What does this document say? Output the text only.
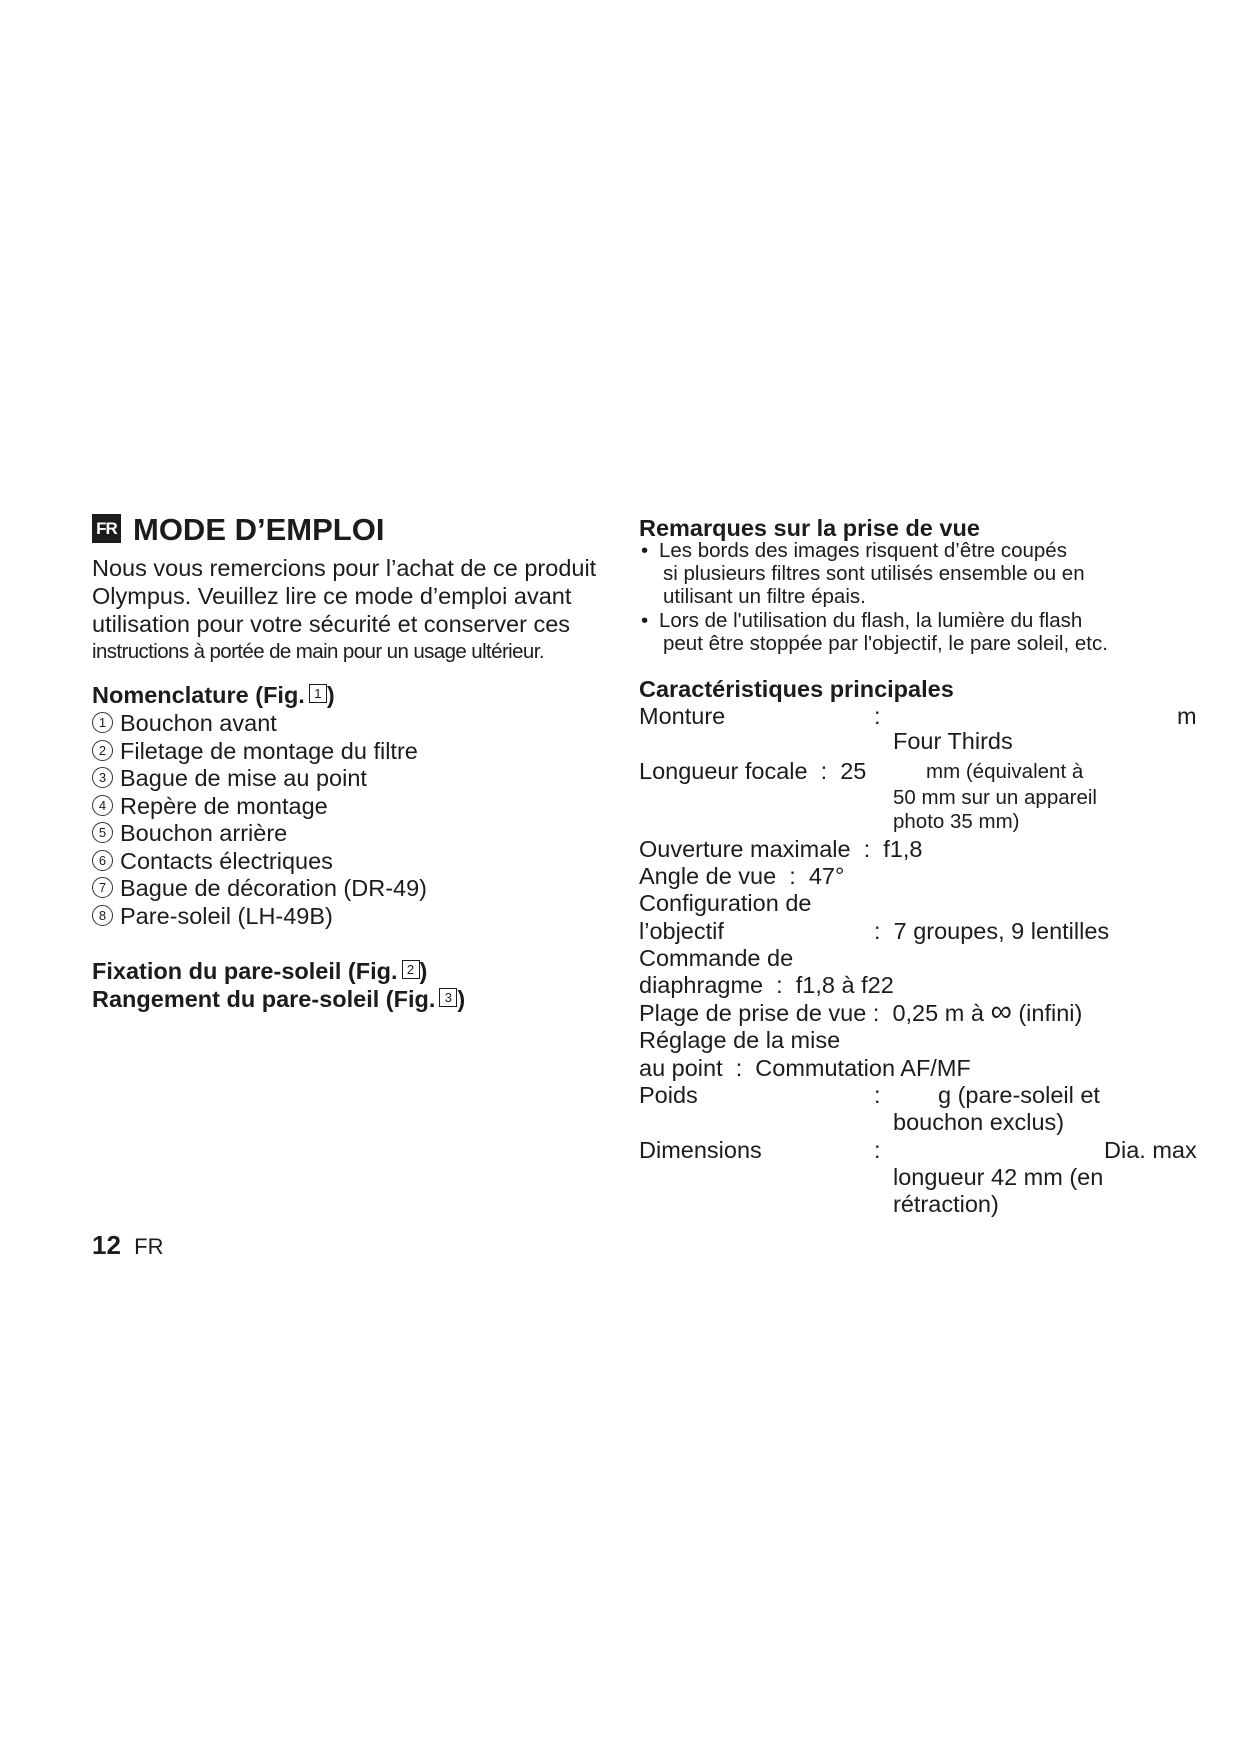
FR MODE D’EMPLOI
Nous vous remercions pour l’achat de ce produit
Olympus. Veuillez lire ce mode d’emploi avant
utilisation pour votre sécurité et conserver ces
instructions à portée de main pour un usage ultérieur.
Nomenclature (Fig. 1 )
1 Bouchon avant
2 Filetage de montage du filtre
3 Bague de mise au point
4 Repère de montage
5 Bouchon arrière
6 Contacts électriques
7 Bague de décoration (DR-49)
8 Pare-soleil (LH-49B)
Fixation du pare-soleil (Fig. 2 )
Rangement du pare-soleil (Fig. 3 )
12 FR
Remarques sur la prise de vue
• Les bords des images risquent d’être coupés
si plusieurs filtres sont utilisés ensemble ou en
utilisant un filtre épais.
• Lors de l'utilisation du flash, la lumière du flash
peut être stoppée par l'objectif, le pare soleil, etc.
Caractéristiques principales
Monture	:	m
Four Thirds
Longueur focale : 25	mm (équivalent à
50 mm sur un appareil
photo 35 mm)
Ouverture maximale : f1,8
Angle de vue : 47°
Configuration de
l’objectif	: 7 groupes, 9 lentilles
Commande de
diaphragme : f1,8 à f22
Plage de prise de vue : 0,25 m à ∞ (infini)
Réglage de la mise
au point : Commutation AF/MF
Poids	: g (pare-soleil et
bouchon exclus)
Dimensions	:	Dia. max
longueur 42 mm (en
rétraction)
